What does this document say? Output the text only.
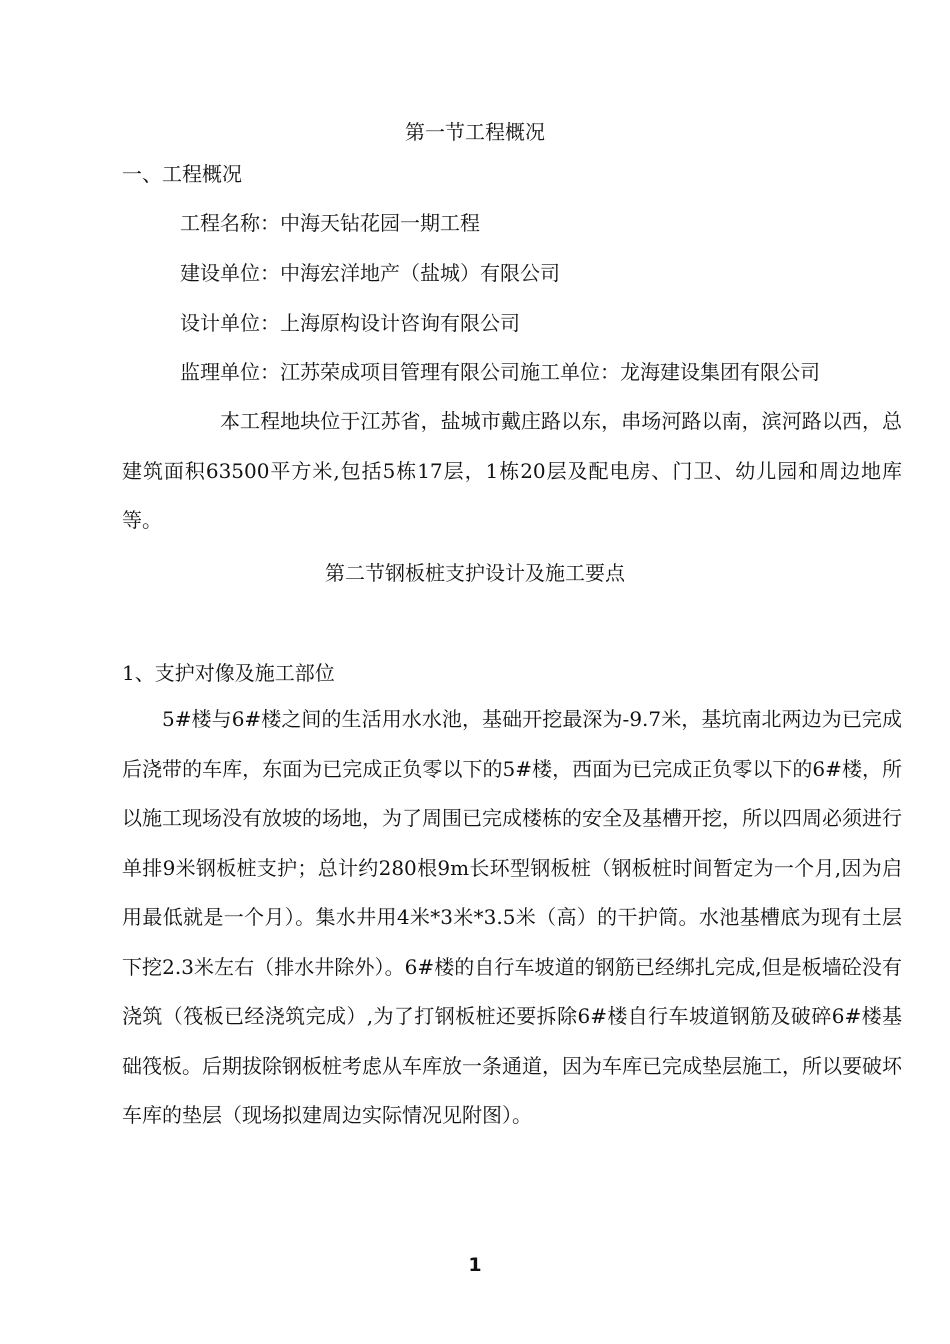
第一节工程概况
一、工程概况
工程名称：中海天钻花园一期工程
建设单位：中海宏洋地产（盐城）有限公司
设计单位：上海原构设计咨询有限公司
监理单位：江苏荣成项目管理有限公司施工单位：龙海建设集团有限公司
本工程地块位于江苏省，盐城市戴庄路以东，串场河路以南，滨河路以西，总建筑面积63500平方米,包括5栋17层，1栋20层及配电房、门卫、幼儿园和周边地库等。
第二节钢板桩支护设计及施工要点
1、支护对像及施工部位
5#楼与6#楼之间的生活用水水池，基础开挖最深为-9.7米，基坑南北两边为已完成后浇带的车库，东面为已完成正负零以下的5#楼，西面为已完成正负零以下的6#楼，所以施工现场没有放坡的场地，为了周围已完成楼栋的安全及基槽开挖，所以四周必须进行单排9米钢板桩支护；总计约280根9m长环型钢板桩（钢板桩时间暂定为一个月,因为启用最低就是一个月）。集水井用4米*3米*3.5米（高）的干护筒。水池基槽底为现有土层下挖2.3米左右（排水井除外）。6#楼的自行车坡道的钢筋已经绑扎完成,但是板墙砼没有浇筑（筏板已经浇筑完成）,为了打钢板桩还要拆除6#楼自行车坡道钢筋及破碎6#楼基础筏板。后期拔除钢板桩考虑从车库放一条通道，因为车库已完成垫层施工，所以要破坏车库的垫层（现场拟建周边实际情况见附图）。
1
